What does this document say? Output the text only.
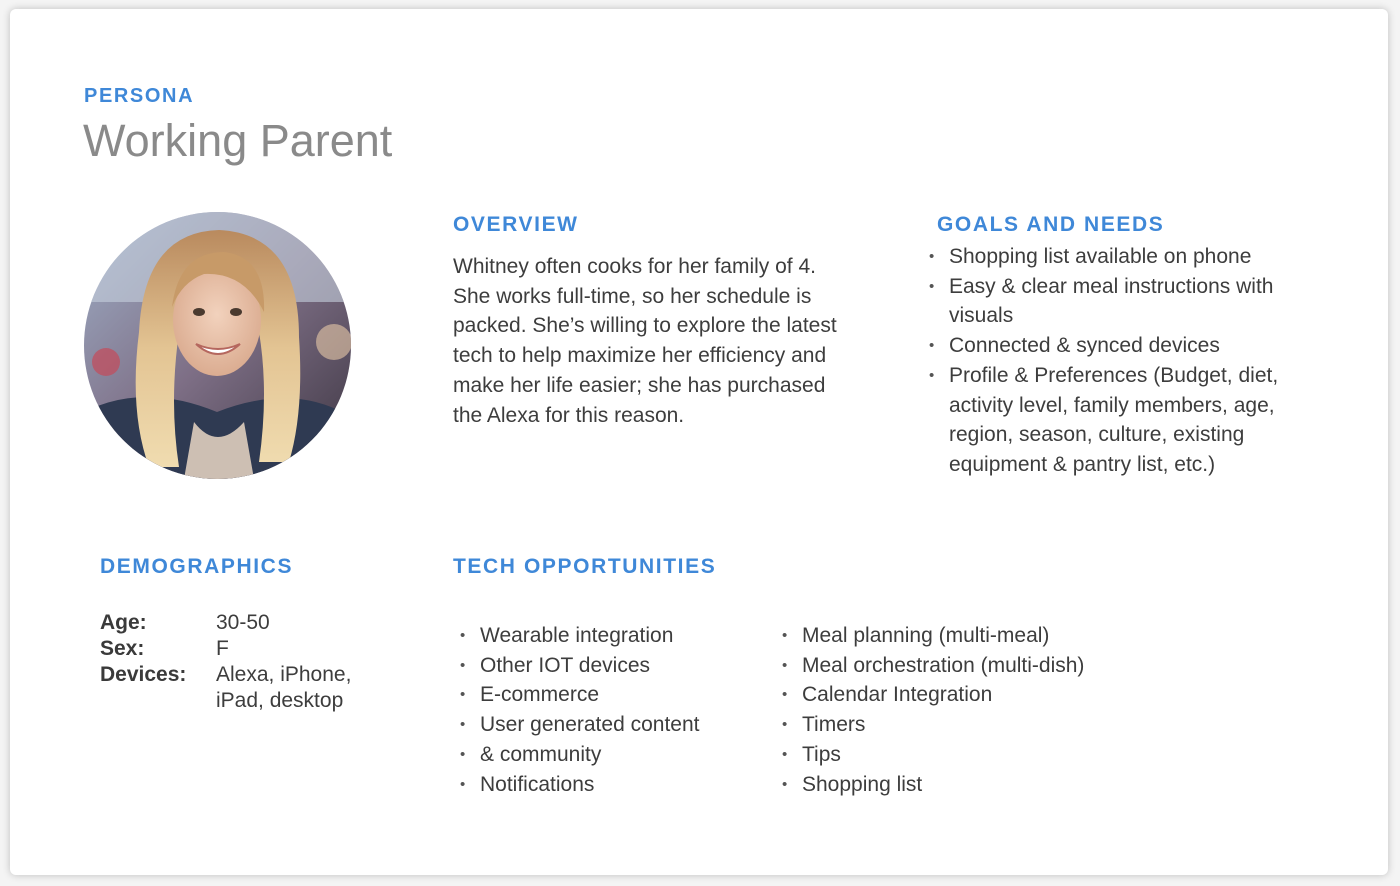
PERSONA
Working Parent
OVERVIEW

Whitney often cooks for her family of 4. She works full-time, so her schedule is packed. She’s willing to explore the latest tech to help maximize her efficiency and make her life easier; she has purchased the Alexa for this reason.

GOALS AND NEEDS
• Shopping list available on phone
• Easy & clear meal instructions with visuals
• Connected & synced devices
• Profile & Preferences (Budget, diet, activity level, family members, age, region, season, culture, existing equipment & pantry list, etc.)
DEMOGRAPHICS
Age:	30-50
Sex:	F
Devices:	Alexa, iPhone, iPad, desktop
TECH OPPORTUNITIES
• Wearable integration
• Other IOT devices
• E-commerce
• User generated content
• & community
• Notifications
• Meal planning (multi-meal)
• Meal orchestration (multi-dish)
• Calendar Integration
• Timers
• Tips
• Shopping list
